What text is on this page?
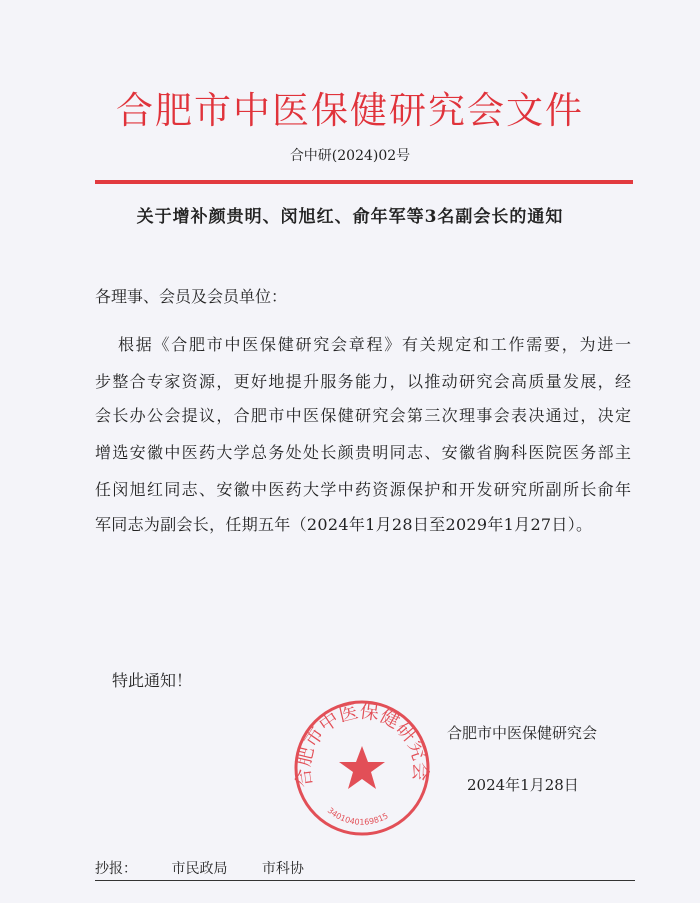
合肥市中医保健研究会文件
合中研(2024)02号
关于增补颜贵明、闵旭红、俞年军等3名副会长的通知
各理事、会员及会员单位：
根据《合肥市中医保健研究会章程》有关规定和工作需要，为进一
步整合专家资源，更好地提升服务能力，以推动研究会高质量发展，经
会长办公会提议，合肥市中医保健研究会第三次理事会表决通过，决定
增选安徽中医药大学总务处处长颜贵明同志、安徽省胸科医院医务部主
任闵旭红同志、安徽中医药大学中药资源保护和开发研究所副所长俞年
军同志为副会长，任期五年（2024年1月28日至2029年1月27日）。
特此通知！
合肥市中医保健研究会
3401040169815
合肥市中医保健研究会
2024年1月28日
抄报： 市民政局 市科协
